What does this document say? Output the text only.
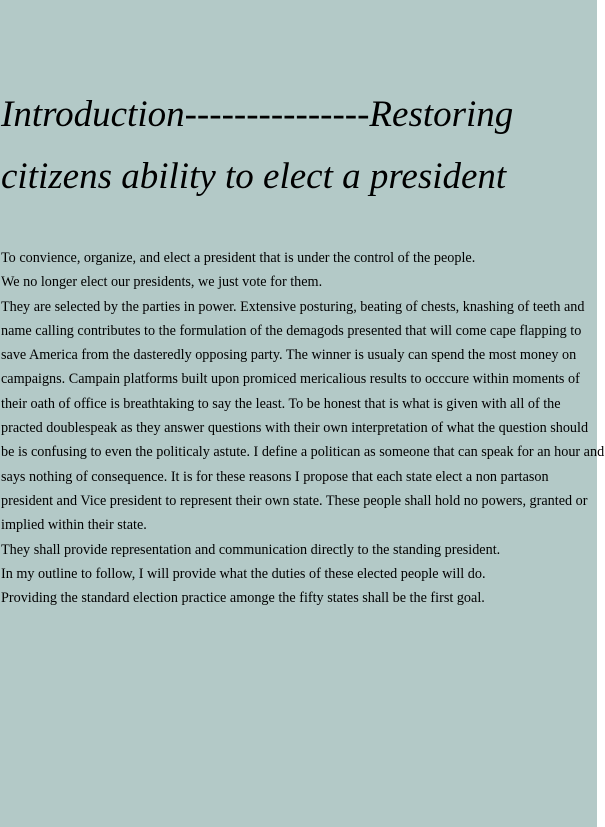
Introduction---------------Restoring
citizens ability to elect a president

To convience, organize, and elect a president that is under the control of the people.

We no longer elect our presidents, we just vote for them.

They are selected by the parties in power. Extensive posturing, beating of chests, knashing of teeth and

name calling contributes to the formulation of the demagods presented that will come cape flapping to

save America from the dasteredly opposing party. The winner is usualy can spend the most money on

campaigns. Campain platforms built upon promiced mericalious results to occcure within moments of

their oath of office is breathtaking to say the least. To be honest that is what is given with all of the

practed doublespeak as they answer questions with their own interpretation of what the question should

be is confusing to even the politicaly astute. I define a politican as someone that can speak for an hour and

says nothing of consequence. It is for these reasons I propose that each state elect a non partason

president and Vice president to represent their own state. These people shall hold no powers, granted or

implied within their state.

They shall provide representation and communication directly to the standing president.

In my outline to follow, I will provide what the duties of these elected people will do.

Providing the standard election practice amonge the fifty states shall be the first goal.
